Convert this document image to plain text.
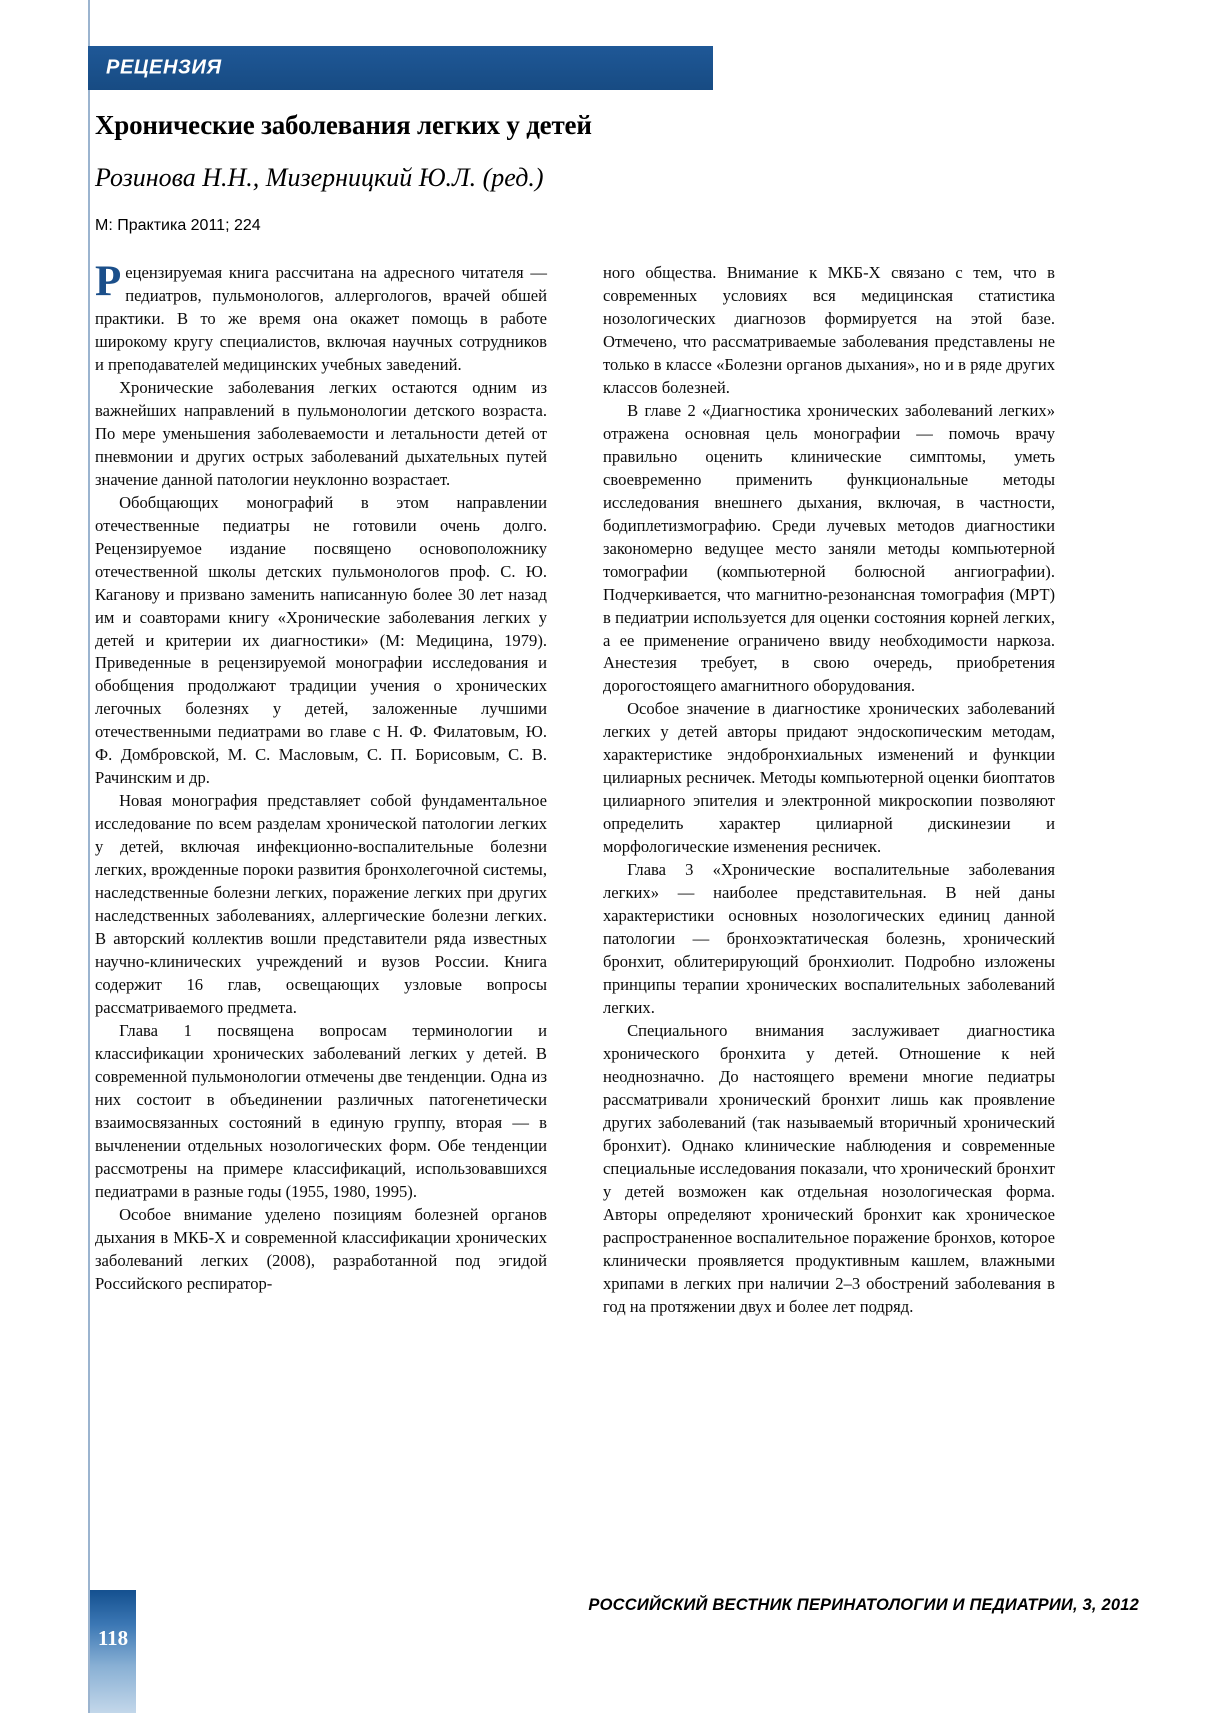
РЕЦЕНЗИЯ
Хронические заболевания легких у детей
Розинова Н.Н., Мизерницкий Ю.Л. (ред.)
М: Практика 2011; 224

Рецензируемая книга рассчитана на адресного читателя — педиатров, пульмонологов, аллергологов, врачей обшей практики. В то же время она окажет помощь в работе широкому кругу специалистов, включая научных сотрудников и преподавателей медицинских учебных заведений.

Хронические заболевания легких остаются одним из важнейших направлений в пульмонологии детского возраста. По мере уменьшения заболеваемости и летальности детей от пневмонии и других острых заболеваний дыхательных путей значение данной патологии неуклонно возрастает.

Обобщающих монографий в этом направлении отечественные педиатры не готовили очень долго. Рецензируемое издание посвящено основоположнику отечественной школы детских пульмонологов проф. С. Ю. Каганову и призвано заменить написанную более 30 лет назад им и соавторами книгу «Хронические заболевания легких у детей и критерии их диагностики» (М: Медицина, 1979). Приведенные в рецензируемой монографии исследования и обобщения продолжают традиции учения о хронических легочных болезнях у детей, заложенные лучшими отечественными педиатрами во главе с Н. Ф. Филатовым, Ю. Ф. Домбровской, М. С. Масловым, С. П. Борисовым, С. В. Рачинским и др.

Новая монография представляет собой фундаментальное исследование по всем разделам хронической патологии легких у детей, включая инфекционно-воспалительные болезни легких, врожденные пороки развития бронхолегочной системы, наследственные болезни легких, поражение легких при других наследственных заболеваниях, аллергические болезни легких. В авторский коллектив вошли представители ряда известных научно-клинических учреждений и вузов России. Книга содержит 16 глав, освещающих узловые вопросы рассматриваемого предмета.

Глава 1 посвящена вопросам терминологии и классификации хронических заболеваний легких у детей. В современной пульмонологии отмечены две тенденции. Одна из них состоит в объединении различных патогенетически взаимосвязанных состояний в единую группу, вторая — в вычленении отдельных нозологических форм. Обе тенденции рассмотрены на примере классификаций, использовавшихся педиатрами в разные годы (1955, 1980, 1995).

Особое внимание уделено позициям болезней органов дыхания в МКБ-Х и современной классификации хронических заболеваний легких (2008), разработанной под эгидой Российского респиратор-

ного общества. Внимание к МКБ-Х связано с тем, что в современных условиях вся медицинская статистика нозологических диагнозов формируется на этой базе. Отмечено, что рассматриваемые заболевания представлены не только в классе «Болезни органов дыхания», но и в ряде других классов болезней.

В главе 2 «Диагностика хронических заболеваний легких» отражена основная цель монографии — помочь врачу правильно оценить клинические симптомы, уметь своевременно применить функциональные методы исследования внешнего дыхания, включая, в частности, бодиплетизмографию. Среди лучевых методов диагностики закономерно ведущее место заняли методы компьютерной томографии (компьютерной болюсной ангиографии). Подчеркивается, что магнитно-резонансная томография (МРТ) в педиатрии используется для оценки состояния корней легких, а ее применение ограничено ввиду необходимости наркоза. Анестезия требует, в свою очередь, приобретения дорогостоящего амагнитного оборудования.

Особое значение в диагностике хронических заболеваний легких у детей авторы придают эндоскопическим методам, характеристике эндобронхиальных изменений и функции цилиарных ресничек. Методы компьютерной оценки биоптатов цилиарного эпителия и электронной микроскопии позволяют определить характер цилиарной дискинезии и морфологические изменения ресничек.

Глава 3 «Хронические воспалительные заболевания легких» — наиболее представительная. В ней даны характеристики основных нозологических единиц данной патологии — бронхоэктатическая болезнь, хронический бронхит, облитерирующий бронхиолит. Подробно изложены принципы терапии хронических воспалительных заболеваний легких.

Специального внимания заслуживает диагностика хронического бронхита у детей. Отношение к ней неоднозначно. До настоящего времени многие педиатры рассматривали хронический бронхит лишь как проявление других заболеваний (так называемый вторичный хронический бронхит). Однако клинические наблюдения и современные специальные исследования показали, что хронический бронхит у детей возможен как отдельная нозологическая форма. Авторы определяют хронический бронхит как хроническое распространенное воспалительное поражение бронхов, которое клинически проявляется продуктивным кашлем, влажными хрипами в легких при наличии 2–3 обострений заболевания в год на протяжении двух и более лет подряд.

РОССИЙСКИЙ ВЕСТНИК ПЕРИНАТОЛОГИИ И ПЕДИАТРИИ, 3, 2012
118
